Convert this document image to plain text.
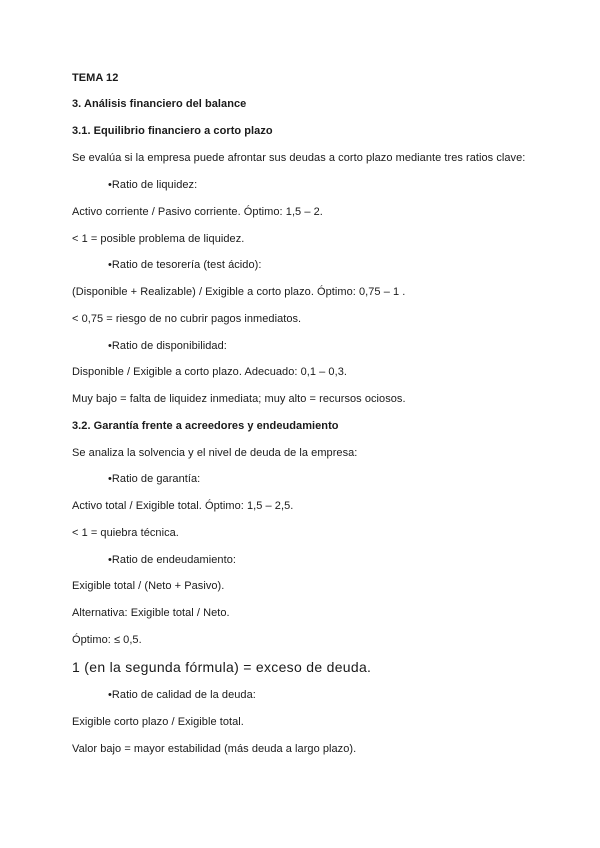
TEMA 12
3. Análisis financiero del balance
3.1. Equilibrio financiero a corto plazo
Se evalúa si la empresa puede afrontar sus deudas a corto plazo mediante tres ratios clave:
•Ratio de liquidez:
Activo corriente / Pasivo corriente. Óptimo: 1,5 – 2.
< 1 = posible problema de liquidez.
•Ratio de tesorería (test ácido):
(Disponible + Realizable) / Exigible a corto plazo. Óptimo: 0,75 – 1 .
< 0,75 = riesgo de no cubrir pagos inmediatos.
•Ratio de disponibilidad:
Disponible / Exigible a corto plazo. Adecuado: 0,1 – 0,3.
Muy bajo = falta de liquidez inmediata; muy alto = recursos ociosos.
3.2. Garantía frente a acreedores y endeudamiento
Se analiza la solvencia y el nivel de deuda de la empresa:
•Ratio de garantía:
Activo total / Exigible total. Óptimo: 1,5 – 2,5.
< 1 = quiebra técnica.
•Ratio de endeudamiento:
Exigible total / (Neto + Pasivo).
Alternativa: Exigible total / Neto.
Óptimo: ≤ 0,5.
1 (en la segunda fórmula) = exceso de deuda.
•Ratio de calidad de la deuda:
Exigible corto plazo / Exigible total.
Valor bajo = mayor estabilidad (más deuda a largo plazo).
